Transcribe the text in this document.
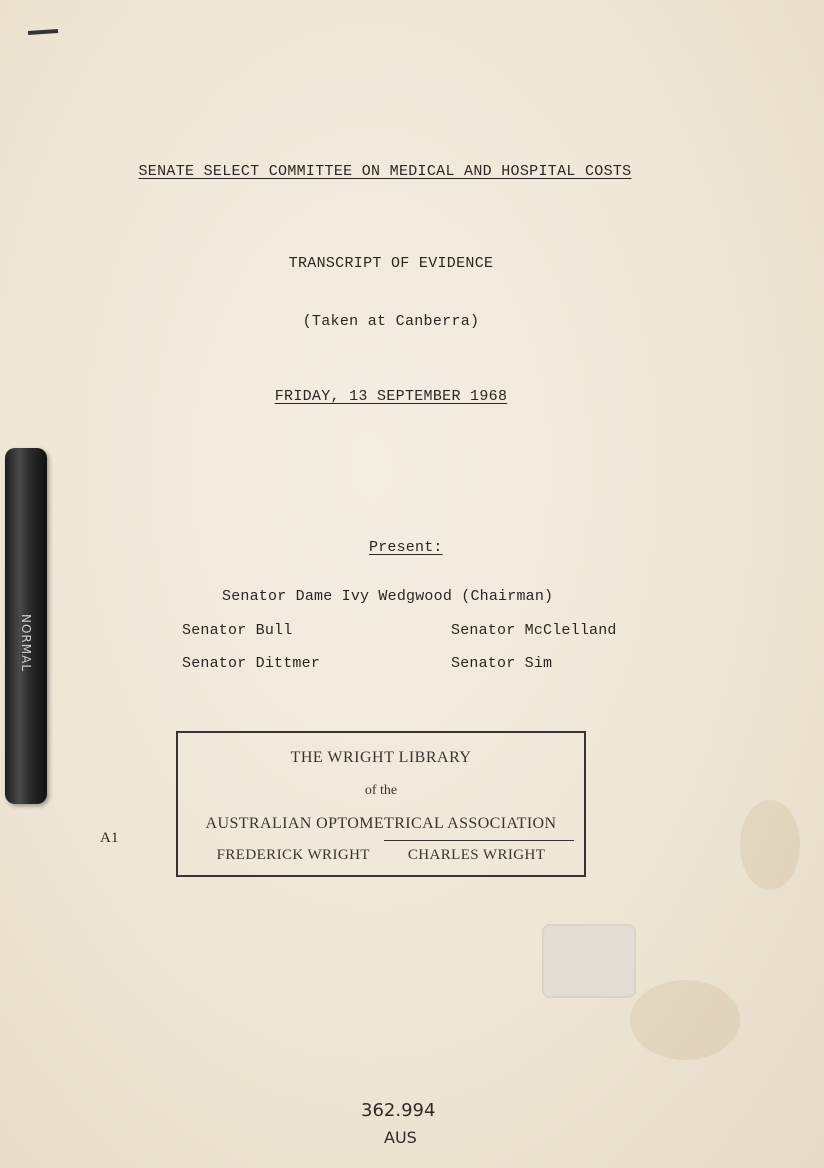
SENATE SELECT COMMITTEE ON MEDICAL AND HOSPITAL COSTS
TRANSCRIPT OF EVIDENCE
(Taken at Canberra)
FRIDAY, 13 SEPTEMBER 1968
Present:
Senator Dame Ivy Wedgwood (Chairman)
Senator Bull	Senator McClelland
Senator Dittmer	Senator Sim
NORMAL
A1
THE WRIGHT LIBRARY
of the
AUSTRALIAN OPTOMETRICAL ASSOCIATION
FREDERICK WRIGHT	CHARLES WRIGHT
362.994
AUS
